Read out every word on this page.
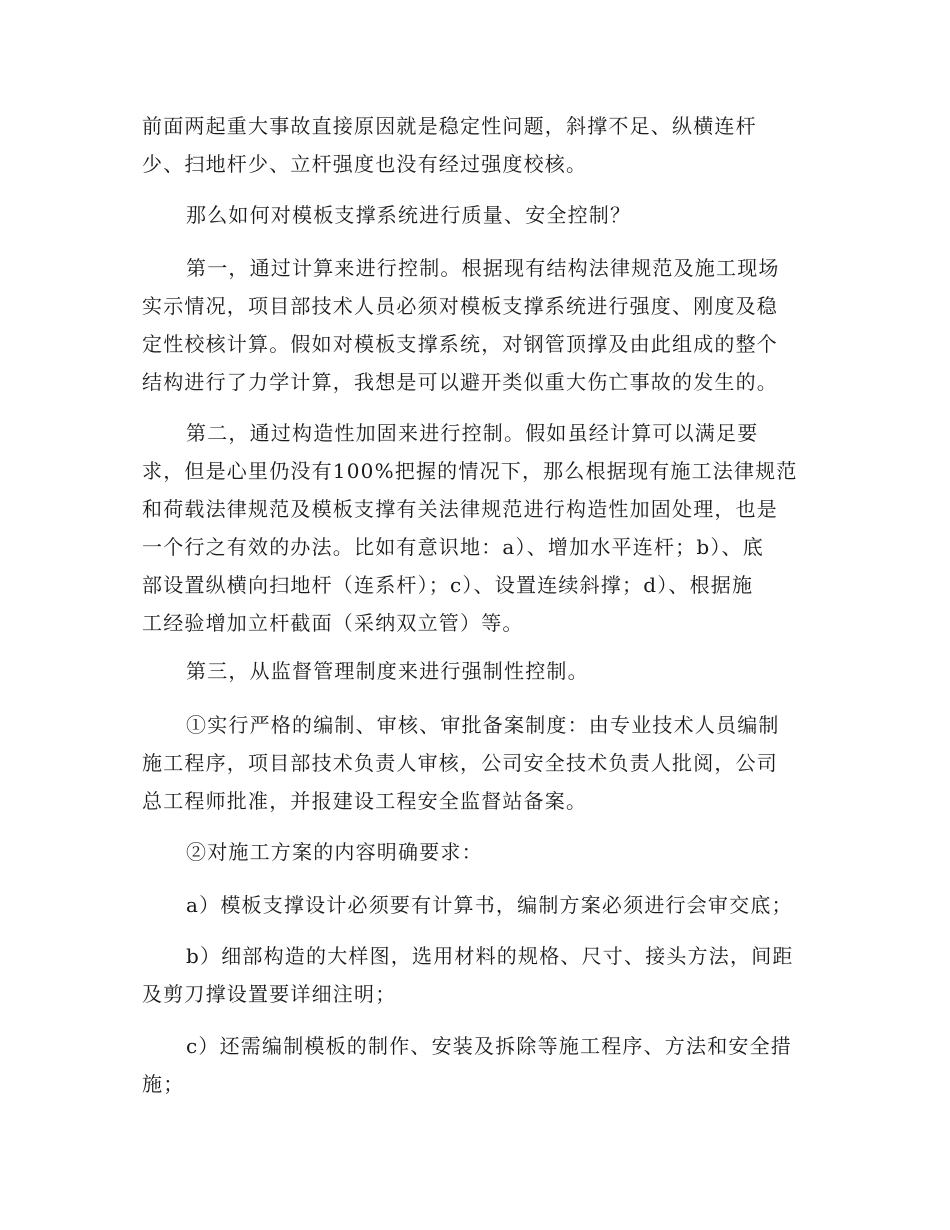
前面两起重大事故直接原因就是稳定性问题，斜撑不足、纵横连杆
少、扫地杆少、立杆强度也没有经过强度校核。
那么如何对模板支撑系统进行质量、安全控制？
第一，通过计算来进行控制。根据现有结构法律规范及施工现场
实示情况，项目部技术人员必须对模板支撑系统进行强度、刚度及稳
定性校核计算。假如对模板支撑系统，对钢管顶撑及由此组成的整个
结构进行了力学计算，我想是可以避开类似重大伤亡事故的发生的。
第二，通过构造性加固来进行控制。假如虽经计算可以满足要
求，但是心里仍没有100%把握的情况下，那么根据现有施工法律规范
和荷载法律规范及模板支撑有关法律规范进行构造性加固处理，也是
一个行之有效的办法。比如有意识地：a）、增加水平连杆；b）、底
部设置纵横向扫地杆（连系杆）；c）、设置连续斜撑；d）、根据施
工经验增加立杆截面（采纳双立管）等。
第三，从监督管理制度来进行强制性控制。
①实行严格的编制、审核、审批备案制度：由专业技术人员编制
施工程序，项目部技术负责人审核，公司安全技术负责人批阅，公司
总工程师批准，并报建设工程安全监督站备案。
②对施工方案的内容明确要求：
a）模板支撑设计必须要有计算书，编制方案必须进行会审交底；
b）细部构造的大样图，选用材料的规格、尺寸、接头方法，间距
及剪刀撑设置要详细注明；
c）还需编制模板的制作、安装及拆除等施工程序、方法和安全措
施；
